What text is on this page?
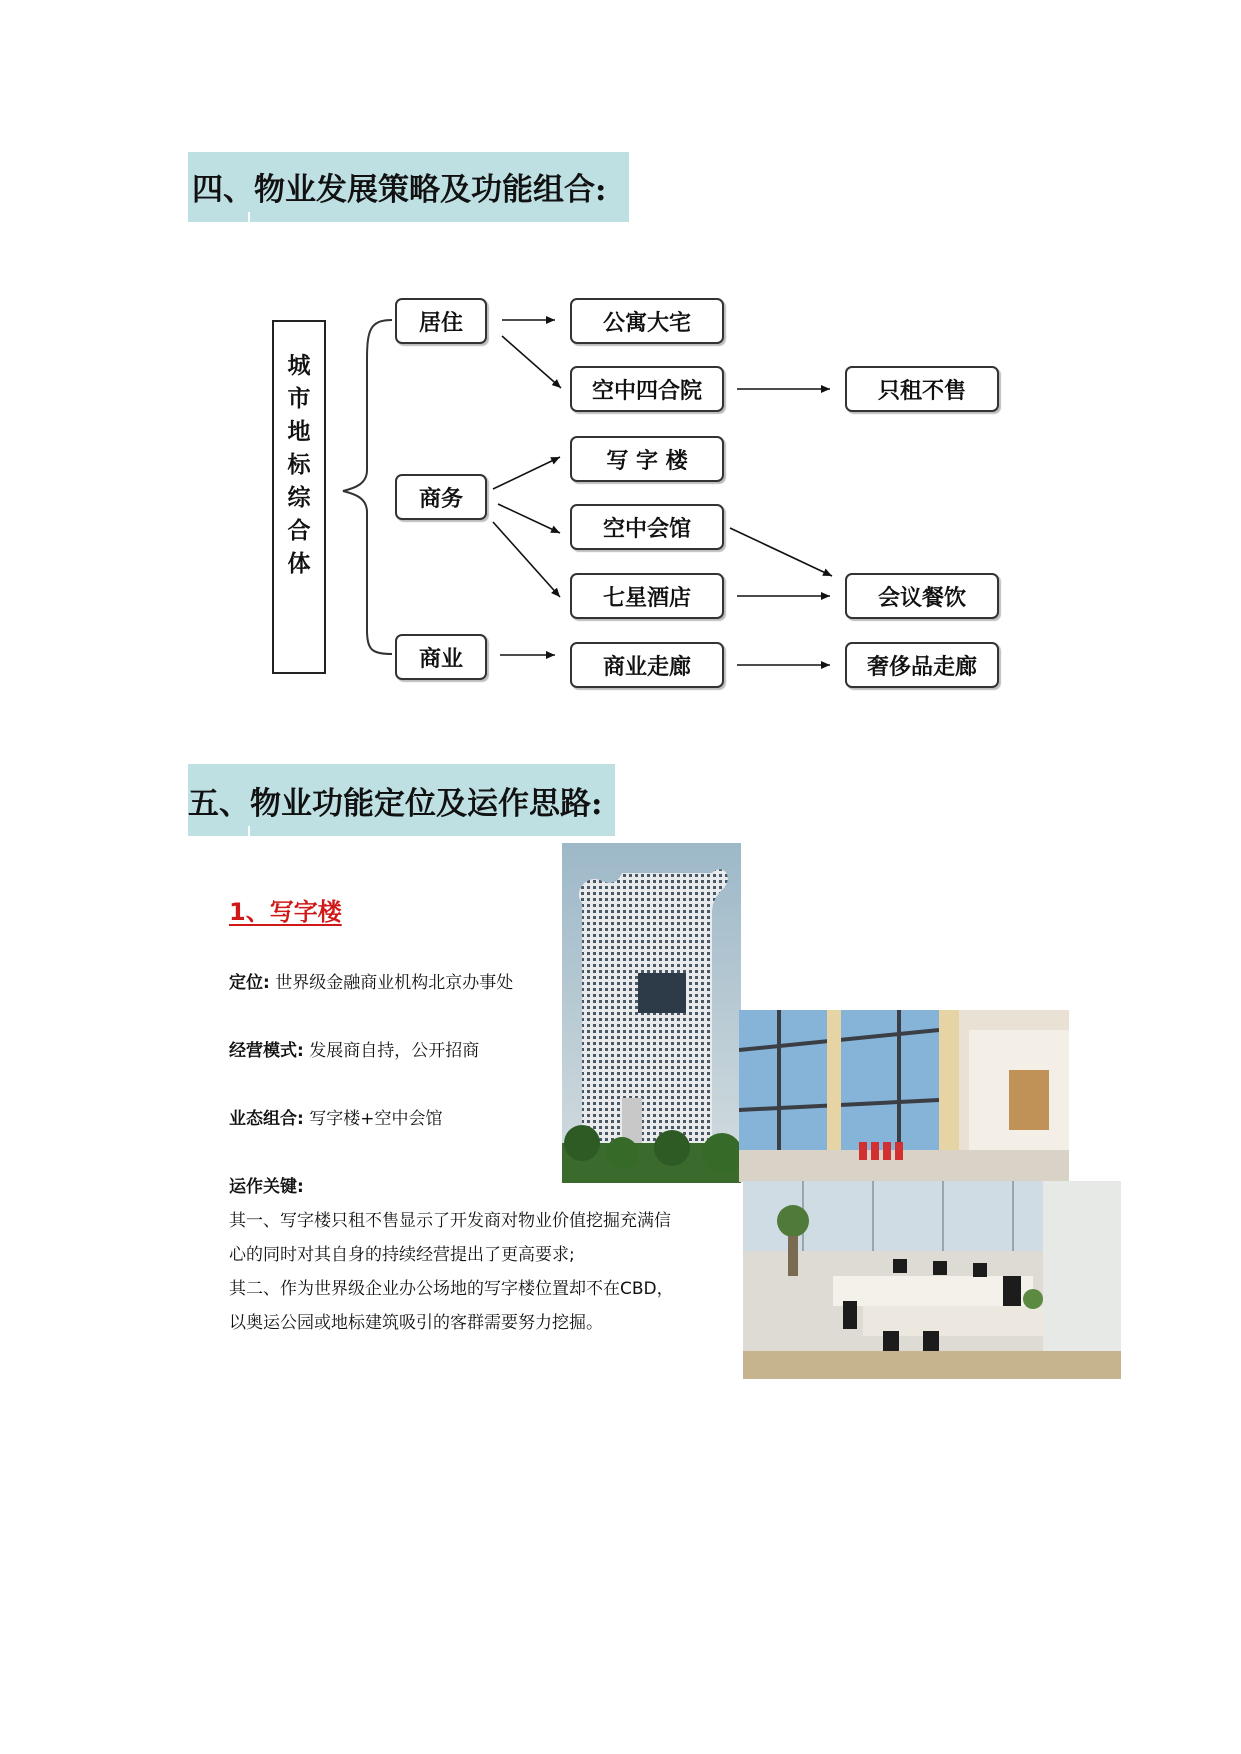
四、物业发展策略及功能组合:
城
市
地
标
综
合
体
居住
商务
商业
公寓大宅
空中四合院
写 字 楼
空中会馆
七星酒店
商业走廊
只租不售
会议餐饮
奢侈品走廊
五、物业功能定位及运作思路:
1、写字楼
定位: 世界级金融商业机构北京办事处
经营模式: 发展商自持，公开招商
业态组合: 写字楼+空中会馆
运作关键:
其一、写字楼只租不售显示了开发商对物业价值挖掘充满信
心的同时对其自身的持续经营提出了更高要求;
其二、作为世界级企业办公场地的写字楼位置却不在CBD，
以奥运公园或地标建筑吸引的客群需要努力挖掘。
